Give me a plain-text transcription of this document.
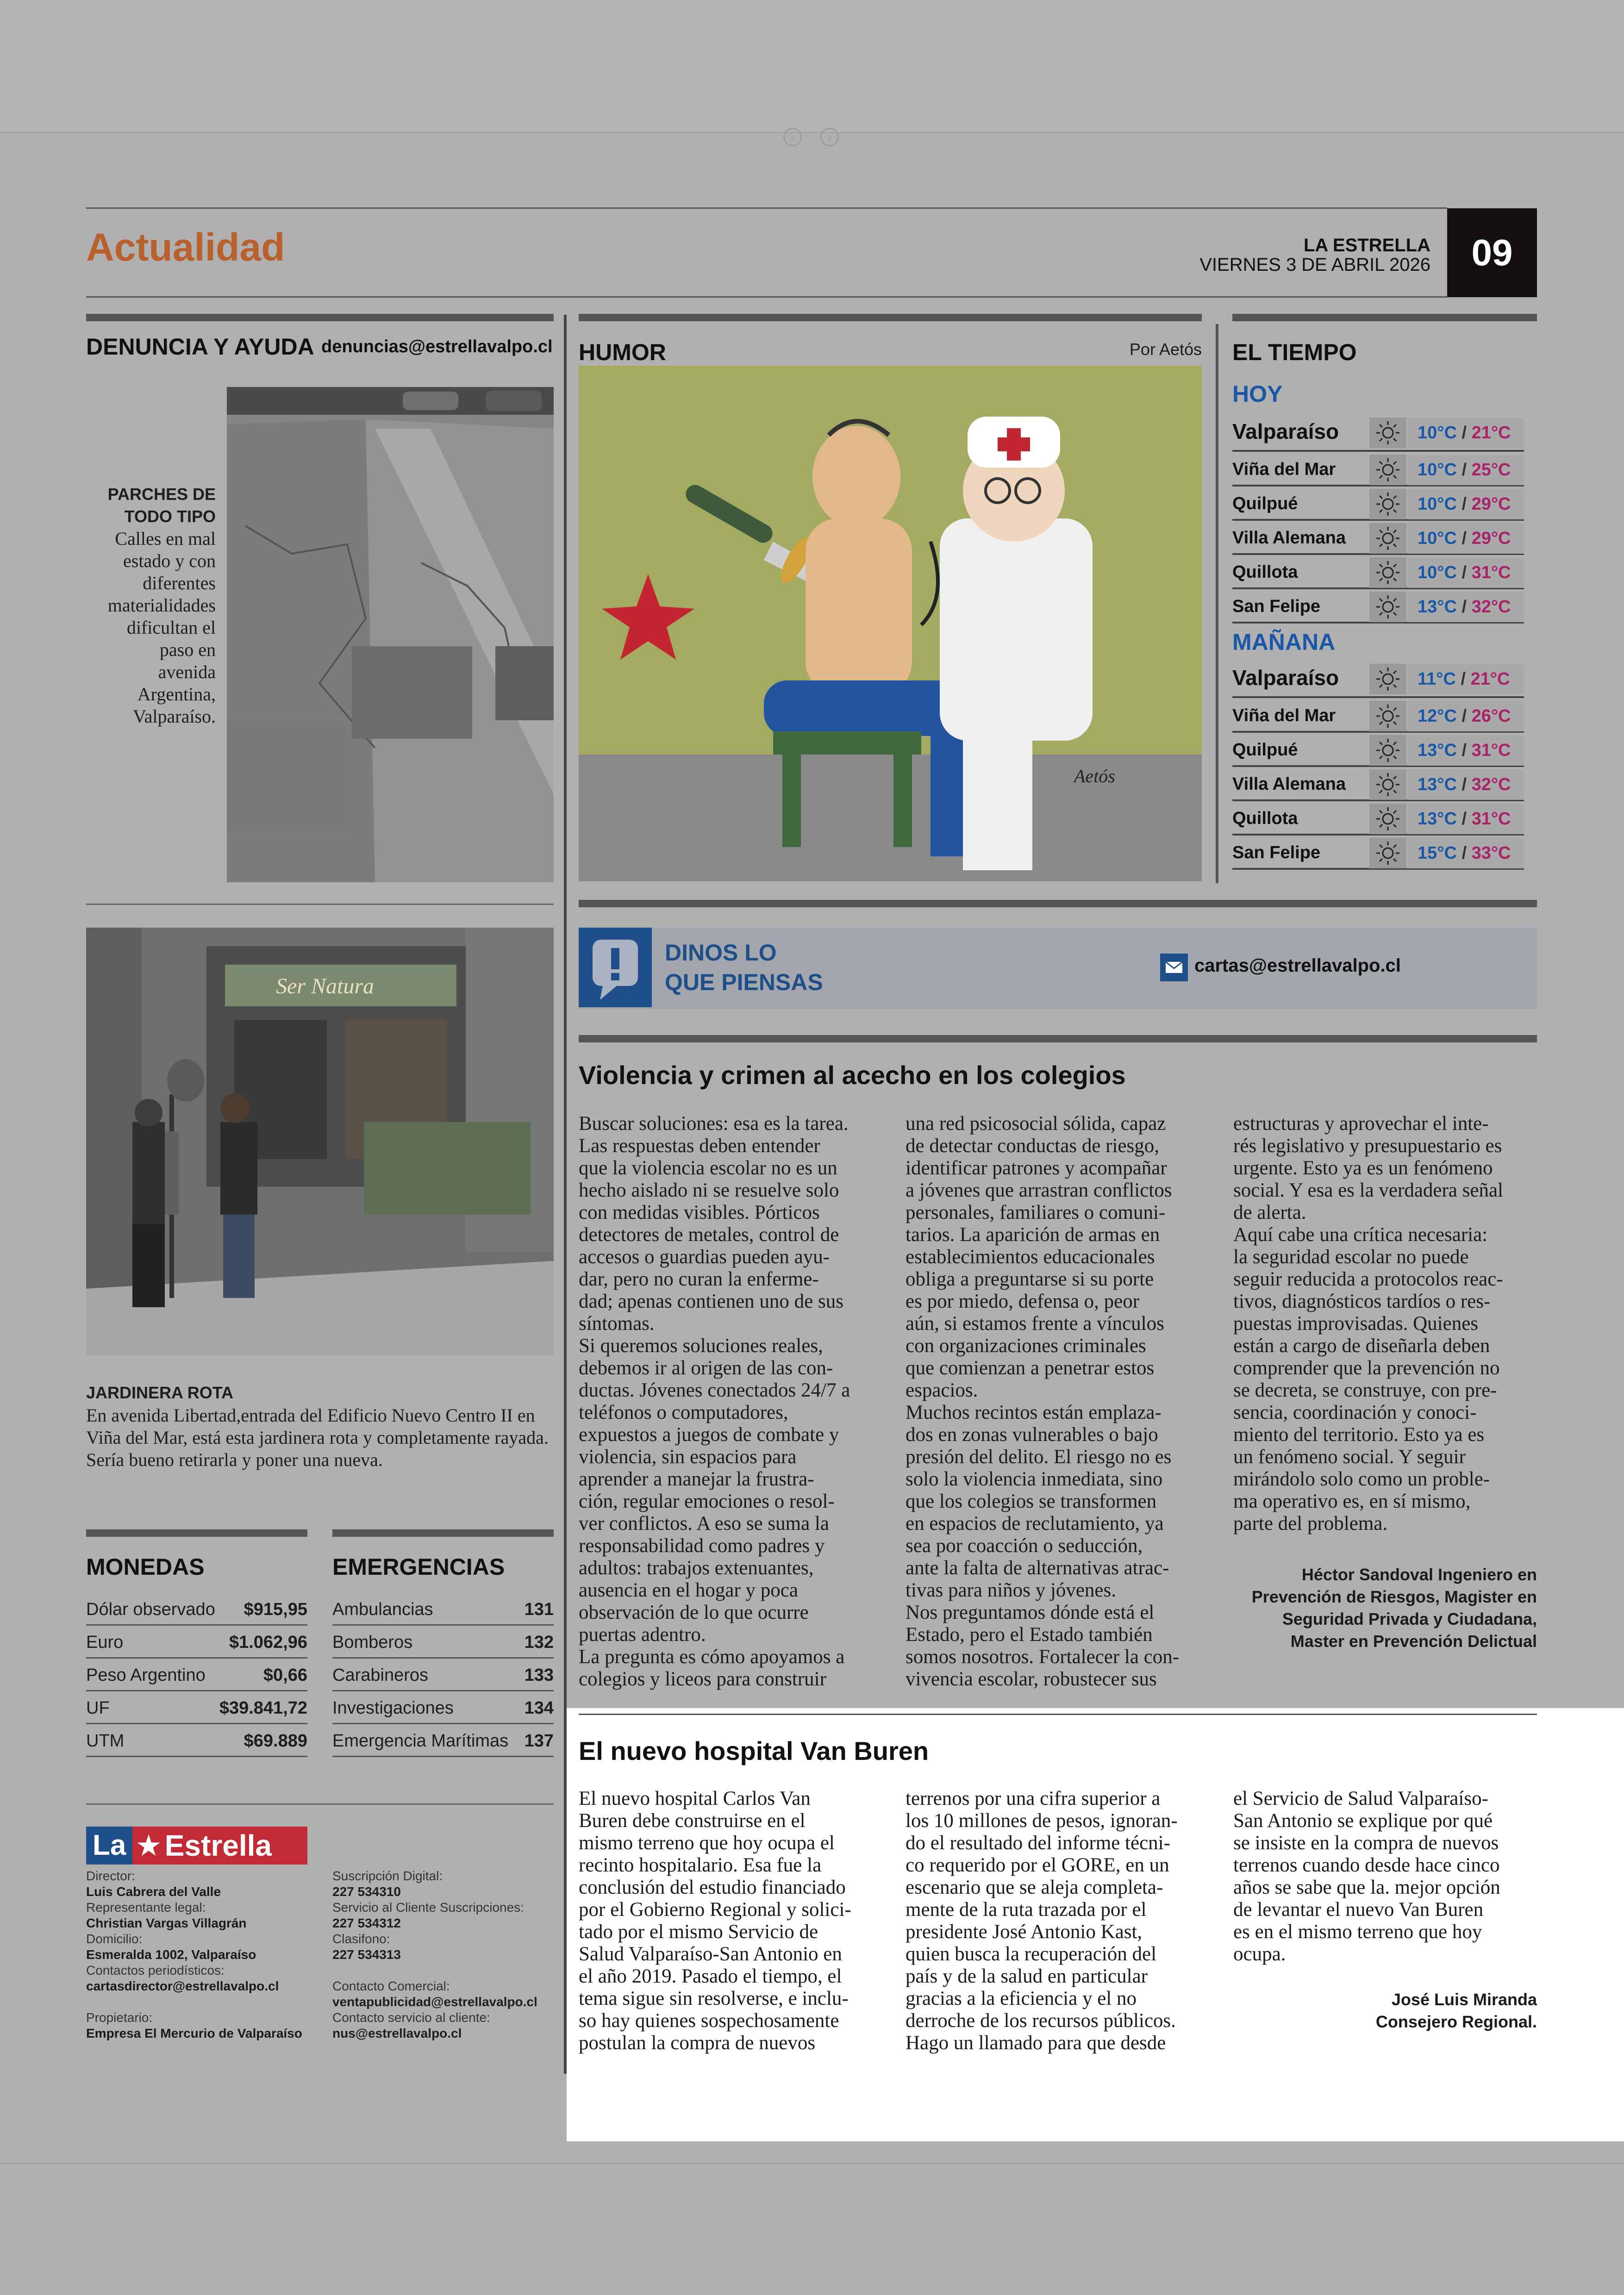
‹	›
Actualidad	LA ESTRELLA
VIERNES 3 DE ABRIL 2026	09
DENUNCIA Y AYUDA denuncias@estrellavalpo.cl
PARCHES DE
TODO TIPO

Calles en mal
estado y con
diferentes
materialidades
dificultan el
paso en
avenida
Argentina,
Valparaíso.

Ser Natura
JARDINERA ROTA

En avenida Libertad,entrada del Edificio Nuevo Centro II en Viña del Mar, está esta jardinera rota y completamente rayada. Sería bueno retirarla y poner una nueva.

MONEDAS
Dólar observado $915,95
Euro	$1.062,96
Peso Argentino	$0,66
UF	$39.841,72
UTM	$69.889
EMERGENCIAS
Ambulancias	131
Bomberos	132
Carabineros	133
Investigaciones	134
Emergencia Marítimas 137
La ★ Estrella
Director:
Luis Cabrera del Valle
Representante legal:
Christian Vargas Villagrán
Domicilio:
Esmeralda 1002, Valparaíso
Contactos periodísticos:
cartasdirector@estrellavalpo.cl
Propietario:
Empresa El Mercurio de Valparaíso
Suscripción Digital:
227 534310
Servicio al Cliente Suscripciones:
227 534312
Clasifono:
227 534313
Contacto Comercial:
ventapublicidad@estrellavalpo.cl
Contacto servicio al cliente:
nus@estrellavalpo.cl
HUMOR	Por Aetós
Aetós
EL TIEMPO
HOY
Valparaíso	10°C / 21°C
Viña del Mar	10°C / 25°C
Quilpué	10°C / 29°C
Villa Alemana	10°C / 29°C
Quillota	10°C / 31°C
San Felipe	13°C / 32°C
MAÑANA
Valparaíso	11°C / 21°C
Viña del Mar	12°C / 26°C
Quilpué	13°C / 31°C
Villa Alemana	13°C / 32°C
Quillota	13°C / 31°C
San Felipe	15°C / 33°C
DINOS LO
QUE PIENSAS
cartas@estrellavalpo.cl
Violencia y crimen al acecho en los colegios

Buscar soluciones: esa es la tarea.
Las respuestas deben entender
que la violencia escolar no es un
hecho aislado ni se resuelve solo
con medidas visibles. Pórticos
detectores de metales, control de
accesos o guardias pueden ayu-
dar, pero no curan la enferme-
dad; apenas contienen uno de sus
síntomas.
Si queremos soluciones reales,
debemos ir al origen de las con-
ductas. Jóvenes conectados 24/7 a
teléfonos o computadores,
expuestos a juegos de combate y
violencia, sin espacios para
aprender a manejar la frustra-
ción, regular emociones o resol-
ver conflictos. A eso se suma la
responsabilidad como padres y
adultos: trabajos extenuantes,
ausencia en el hogar y poca
observación de lo que ocurre
puertas adentro.
La pregunta es cómo apoyamos a
colegios y liceos para construir

una red psicosocial sólida, capaz
de detectar conductas de riesgo,
identificar patrones y acompañar
a jóvenes que arrastran conflictos
personales, familiares o comuni-
tarios. La aparición de armas en
establecimientos educacionales
obliga a preguntarse si su porte
es por miedo, defensa o, peor
aún, si estamos frente a vínculos
con organizaciones criminales
que comienzan a penetrar estos
espacios.
Muchos recintos están emplaza-
dos en zonas vulnerables o bajo
presión del delito. El riesgo no es
solo la violencia inmediata, sino
que los colegios se transformen
en espacios de reclutamiento, ya
sea por coacción o seducción,
ante la falta de alternativas atrac-
tivas para niños y jóvenes.
Nos preguntamos dónde está el
Estado, pero el Estado también
somos nosotros. Fortalecer la con-
vivencia escolar, robustecer sus

estructuras y aprovechar el inte-
rés legislativo y presupuestario es
urgente. Esto ya es un fenómeno
social. Y esa es la verdadera señal
de alerta.
Aquí cabe una crítica necesaria:
la seguridad escolar no puede
seguir reducida a protocolos reac-
tivos, diagnósticos tardíos o res-
puestas improvisadas. Quienes
están a cargo de diseñarla deben
comprender que la prevención no
se decreta, se construye, con pre-
sencia, coordinación y conoci-
miento del territorio. Esto ya es
un fenómeno social. Y seguir
mirándolo solo como un proble-
ma operativo es, en sí mismo,
parte del problema.

Héctor Sandoval Ingeniero en
Prevención de Riesgos, Magister en
Seguridad Privada y Ciudadana,
Master en Prevención Delictual

El nuevo hospital Van Buren

El nuevo hospital Carlos Van
Buren debe construirse en el
mismo terreno que hoy ocupa el
recinto hospitalario. Esa fue la
conclusión del estudio financiado
por el Gobierno Regional y solici-
tado por el mismo Servicio de
Salud Valparaíso-San Antonio en
el año 2019. Pasado el tiempo, el
tema sigue sin resolverse, e inclu-
so hay quienes sospechosamente
postulan la compra de nuevos

terrenos por una cifra superior a
los 10 millones de pesos, ignoran-
do el resultado del informe técni-
co requerido por el GORE, en un
escenario que se aleja completa-
mente de la ruta trazada por el
presidente José Antonio Kast,
quien busca la recuperación del
país y de la salud en particular
gracias a la eficiencia y el no
derroche de los recursos públicos.
Hago un llamado para que desde

el Servicio de Salud Valparaíso-
San Antonio se explique por qué
se insiste en la compra de nuevos
terrenos cuando desde hace cinco
años se sabe que la. mejor opción
de levantar el nuevo Van Buren
es en el mismo terreno que hoy
ocupa.

José Luis Miranda
Consejero Regional.
